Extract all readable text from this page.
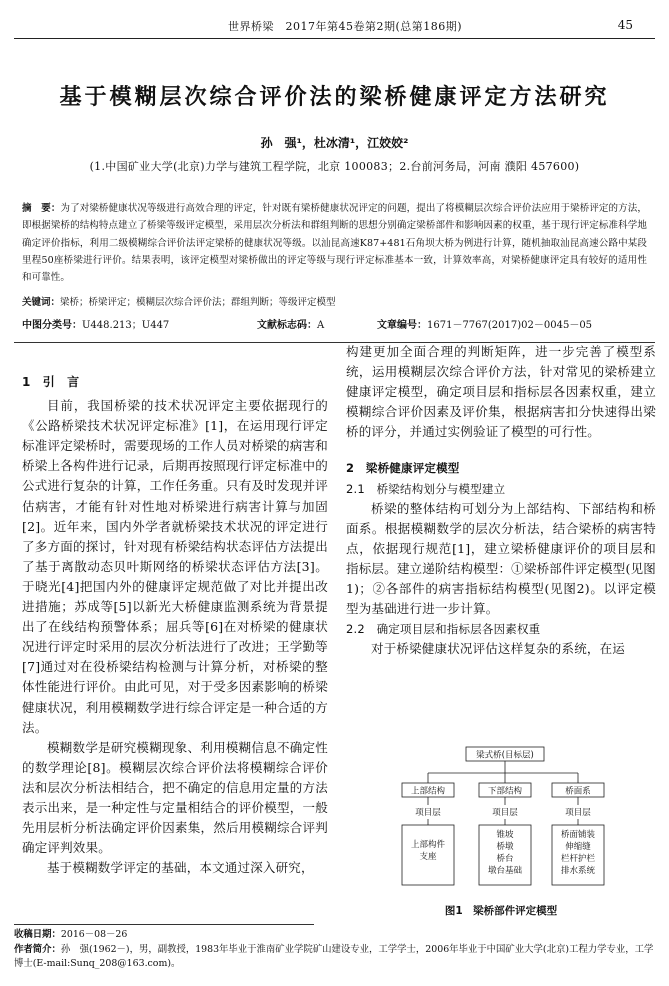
世界桥梁　2017年第45卷第2期(总第186期)	45
基于模糊层次综合评价法的梁桥健康评定方法研究
孙　强¹，杜冰清¹，江姣姣²
(1.中国矿业大学(北京)力学与建筑工程学院，北京 100083；2.台前河务局，河南 濮阳 457600)
摘　要：为了对梁桥健康状况等级进行高效合理的评定，针对既有梁桥健康状况评定的问题，提出了将模糊层次综合评价法应用于梁桥评定的方法，即根据梁桥的结构特点建立了桥梁等级评定模型，采用层次分析法和群组判断的思想分别确定梁桥部件和影响因素的权重，基于现行评定标准科学地确定评价指标，利用二级模糊综合评价法评定梁桥的健康状况等级。以汕昆高速K87+481石角坝大桥为例进行计算，随机抽取汕昆高速公路中某段里程50座桥梁进行评价。结果表明，该评定模型对梁桥做出的评定等级与现行评定标准基本一致，计算效率高，对梁桥健康评定具有较好的适用性和可靠性。
关键词：梁桥；桥梁评定；模糊层次综合评价法；群组判断；等级评定模型
中图分类号：U448.213；U447	文献标志码：A	文章编号：1671－7767(2017)02－0045－05
1　引　言

目前，我国桥梁的技术状况评定主要依据现行的《公路桥梁技术状况评定标准》[1]，在运用现行评定标准评定梁桥时，需要现场的工作人员对桥梁的病害和桥梁上各构件进行记录，后期再按照现行评定标准中的公式进行复杂的计算，工作任务重。只有及时发现并评估病害，才能有针对性地对桥梁进行病害计算与加固[2]。近年来，国内外学者就桥梁技术状况的评定进行了多方面的探讨，针对现有桥梁结构状态评估方法提出了基于离散动态贝叶斯网络的桥梁状态评估方法[3]。于晓光[4]把国内外的健康评定规范做了对比并提出改进措施；苏成等[5]以新光大桥健康监测系统为背景提出了在线结构预警体系；屈兵等[6]在对桥梁的健康状况进行评定时采用的层次分析法进行了改进；王学勤等[7]通过对在役桥梁结构检测与计算分析，对桥梁的整体性能进行评价。由此可见，对于受多因素影响的桥梁健康状况，利用模糊数学进行综合评定是一种合适的方法。

模糊数学是研究模糊现象、利用模糊信息不确定性的数学理论[8]。模糊层次综合评价法将模糊综合评价法和层次分析法相结合，把不确定的信息用定量的方法表示出来，是一种定性与定量相结合的评价模型，一般先用层析分析法确定评价因素集，然后用模糊综合评判确定评判效果。

基于模糊数学评定的基础，本文通过深入研究，

构建更加全面合理的判断矩阵，进一步完善了模型系统，运用模糊层次综合评价方法，针对常见的梁桥建立健康评定模型，确定项目层和指标层各因素权重，建立模糊综合评价因素及评价集，根据病害扣分快速得出梁桥的评分，并通过实例验证了模型的可行性。

2　梁桥健康评定模型
2.1　桥梁结构划分与模型建立

桥梁的整体结构可划分为上部结构、下部结构和桥面系。根据模糊数学的层次分析法，结合梁桥的病害特点，依据现行规范[1]，建立梁桥健康评价的项目层和指标层。建立递阶结构模型：①梁桥部件评定模型(见图1)；②各部件的病害指标结构模型(见图2)。以评定模型为基础进行进一步计算。

2.2　确定项目层和指标层各因素权重

对于桥梁健康状况评估这样复杂的系统，在运

梁式桥(目标层)
上部结构	下部结构	桥面系
项目层	项目层	项目层
上部构件
支座
锥坡
桥墩
桥台
墩台基础
桥面铺装
伸缩缝
栏杆护栏
排水系统
图1　梁桥部件评定模型
收稿日期：2016－08－26
作者简介：孙　强(1962－)，男，副教授，1983年毕业于淮南矿业学院矿山建设专业，工学学士，2006年毕业于中国矿业大学(北京)工程力学专业，工学博士(E-mail:Sunq_208@163.com)。
